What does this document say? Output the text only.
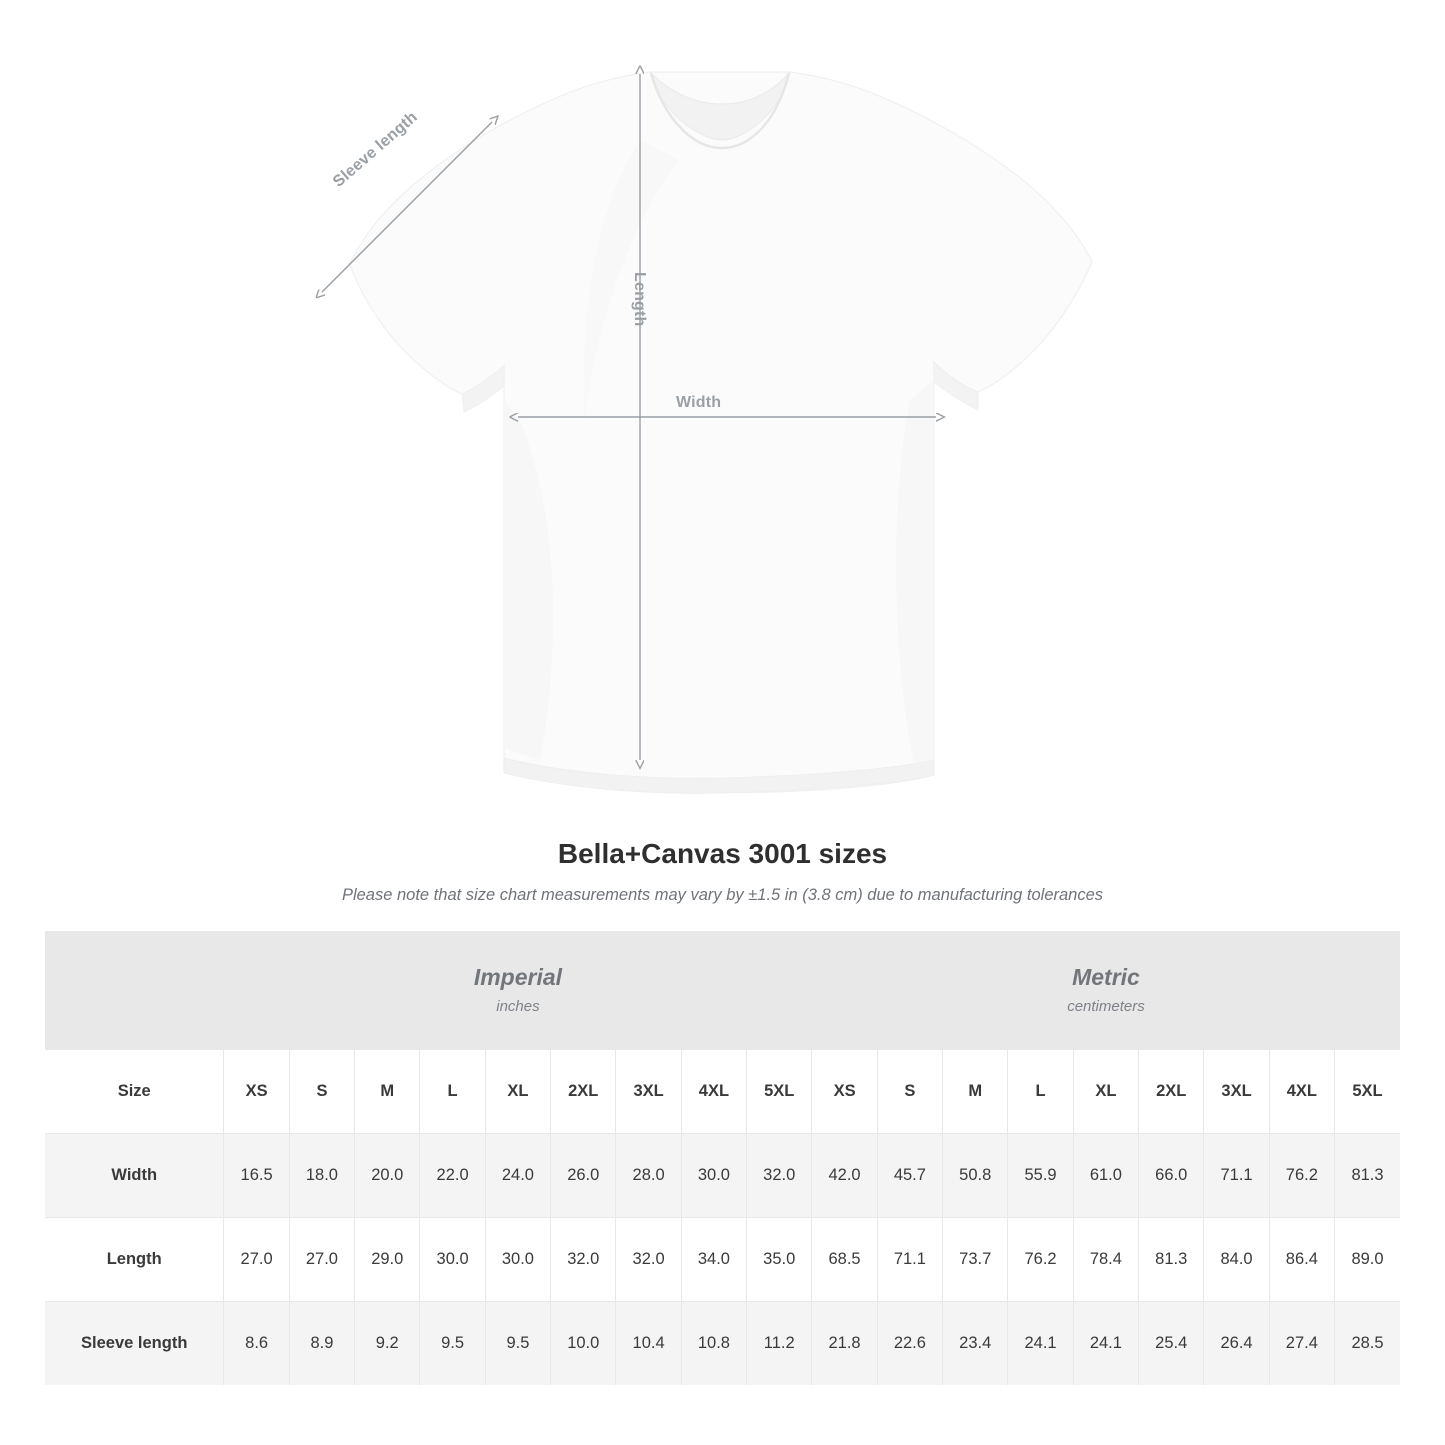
Sleeve length
Length
Width
Bella+Canvas 3001 sizes

Please note that size chart measurements may vary by ±1.5 in (3.8 cm) due to manufacturing tolerances

	Imperial
inches									Metric
centimeters								

Size	XS	S	M	L	XL	2XL	3XL	4XL	5XL	XS	S	M	L	XL	2XL	3XL	4XL	5XL
Width	16.5	18.0	20.0	22.0	24.0	26.0	28.0	30.0	32.0	42.0	45.7	50.8	55.9	61.0	66.0	71.1	76.2	81.3
Length	27.0	27.0	29.0	30.0	30.0	32.0	32.0	34.0	35.0	68.5	71.1	73.7	76.2	78.4	81.3	84.0	86.4	89.0
Sleeve length	8.6	8.9	9.2	9.5	9.5	10.0	10.4	10.8	11.2	21.8	22.6	23.4	24.1	24.1	25.4	26.4	27.4	28.5
